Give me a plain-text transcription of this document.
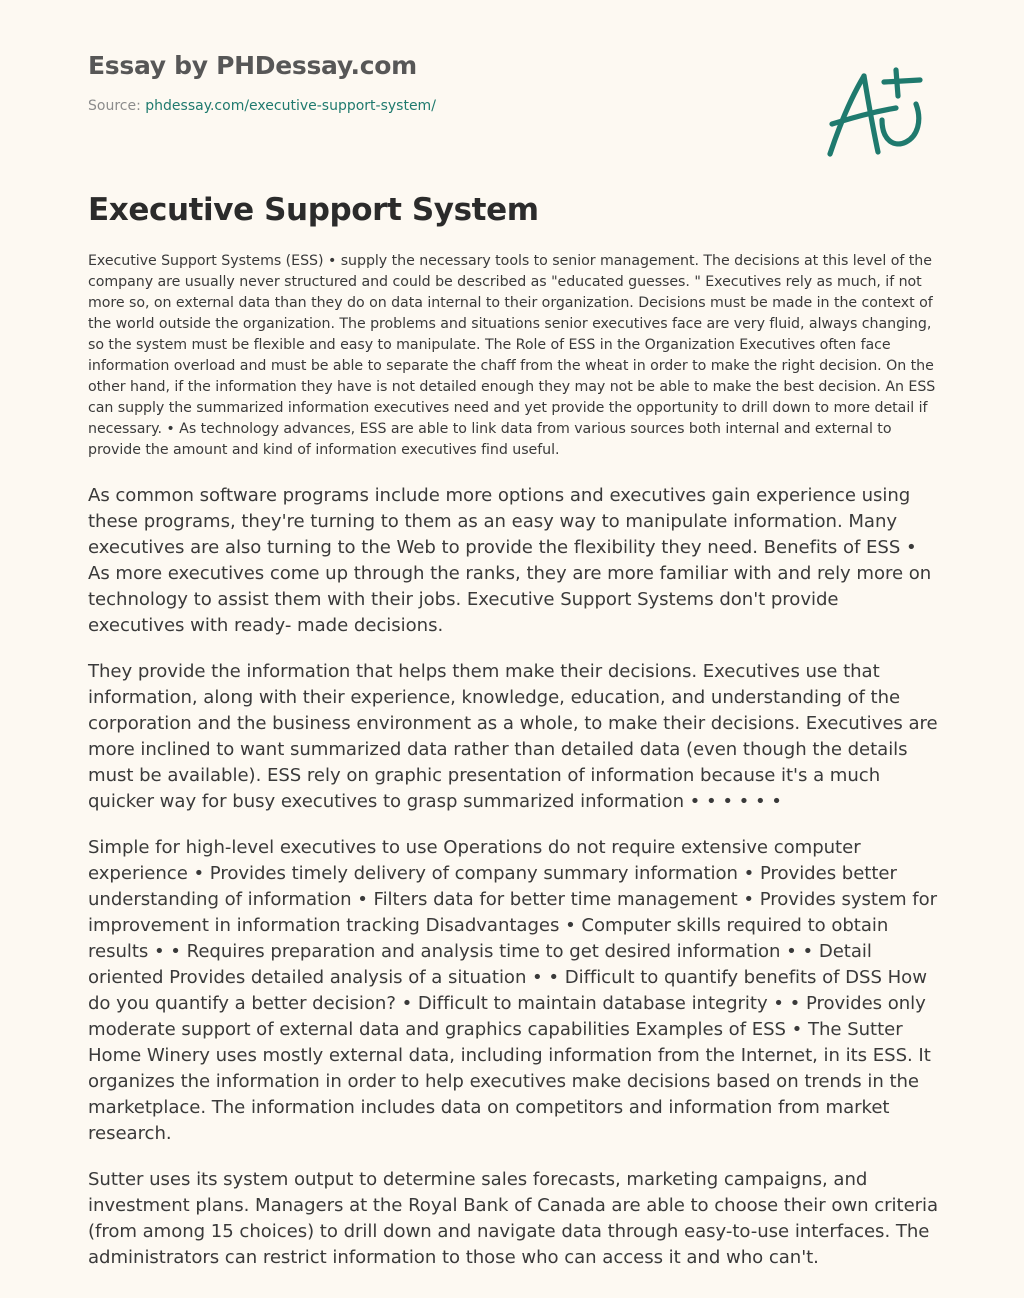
Essay by PHDessay.com
Source: phdessay.com/executive-support-system/
Executive Support System

Executive Support Systems (ESS) • supply the necessary tools to senior management. The decisions at this level of the company are usually never structured and could be described as "educated guesses. " Executives rely as much, if not more so, on external data than they do on data internal to their organization. Decisions must be made in the context of the world outside the organization. The problems and situations senior executives face are very fluid, always changing, so the system must be flexible and easy to manipulate. The Role of ESS in the Organization Executives often face information overload and must be able to separate the chaff from the wheat in order to make the right decision. On the other hand, if the information they have is not detailed enough they may not be able to make the best decision. An ESS can supply the summarized information executives need and yet provide the opportunity to drill down to more detail if necessary. • As technology advances, ESS are able to link data from various sources both internal and external to provide the amount and kind of information executives find useful.

As common software programs include more options and executives gain experience using these programs, they're turning to them as an easy way to manipulate information. Many executives are also turning to the Web to provide the flexibility they need. Benefits of ESS • As more executives come up through the ranks, they are more familiar with and rely more on technology to assist them with their jobs. Executive Support Systems don't provide executives with ready- made decisions.

They provide the information that helps them make their decisions. Executives use that information, along with their experience, knowledge, education, and understanding of the corporation and the business environment as a whole, to make their decisions. Executives are more inclined to want summarized data rather than detailed data (even though the details must be available). ESS rely on graphic presentation of information because it's a much quicker way for busy executives to grasp summarized information • • • • • •

Simple for high-level executives to use Operations do not require extensive computer experience • Provides timely delivery of company summary information • Provides better understanding of information • Filters data for better time management • Provides system for improvement in information tracking Disadvantages • Computer skills required to obtain results • • Requires preparation and analysis time to get desired information • • Detail oriented Provides detailed analysis of a situation • • Difficult to quantify benefits of DSS How do you quantify a better decision? • Difficult to maintain database integrity • • Provides only moderate support of external data and graphics capabilities Examples of ESS • The Sutter Home Winery uses mostly external data, including information from the Internet, in its ESS. It organizes the information in order to help executives make decisions based on trends in the marketplace. The information includes data on competitors and information from market research.

Sutter uses its system output to determine sales forecasts, marketing campaigns, and investment plans. Managers at the Royal Bank of Canada are able to choose their own criteria (from among 15 choices) to drill down and navigate data through easy-to-use interfaces. The administrators can restrict information to those who can access it and who can't.
